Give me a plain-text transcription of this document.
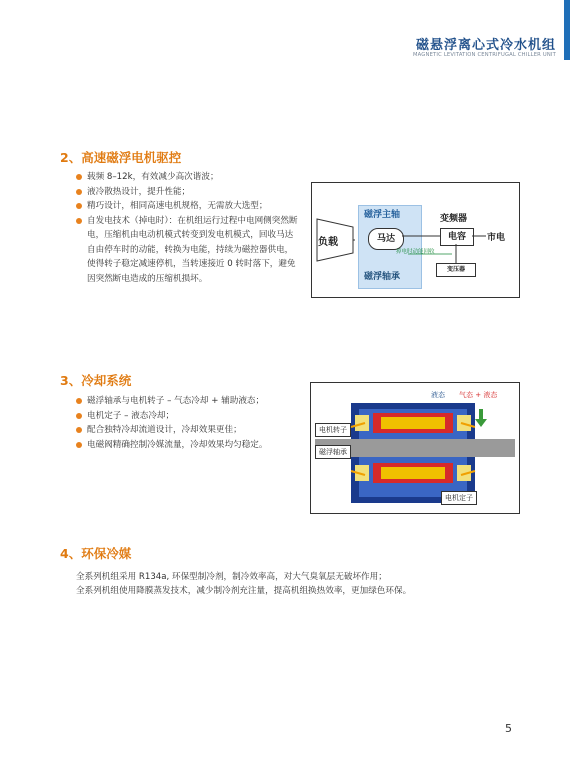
磁悬浮离心式冷水机组
MAGNETIC LEVITATION CENTRIFUGAL CHILLER UNIT
2、高速磁浮电机驱控
载频 8–12k，有效减少高次谐波；
液冷散热设计，提升性能；
精巧设计，相同高速电机规格，无需放大选型；
自发电技术（掉电时）：在机组运行过程中电网侧突然断电，压缩机由电动机模式转变到发电机模式，回收马达自由停车时的动能，转换为电能，持续为磁控器供电，使得转子稳定减速停机，当转速接近 0 转时落下，避免因突然断电造成的压缩机损坏。
磁浮主轴
负载	马达
变频器
电容	市电
掉电时动能回收
磁浮轴承
变压器
3、冷却系统
磁浮轴承与电机转子 – 气态冷却 + 辅助液态；
电机定子 – 液态冷却；
配合独特冷却流道设计，冷却效果更佳；
电磁阀精确控制冷媒流量，冷却效果均匀稳定。
液态 气态 + 液态
电机转子
磁浮轴承
电机定子
4、环保冷媒
全系列机组采用 R134a, 环保型制冷剂，制冷效率高，对大气臭氧层无破坏作用；
全系列机组使用降膜蒸发技术，减少制冷剂充注量，提高机组换热效率，更加绿色环保。
5
